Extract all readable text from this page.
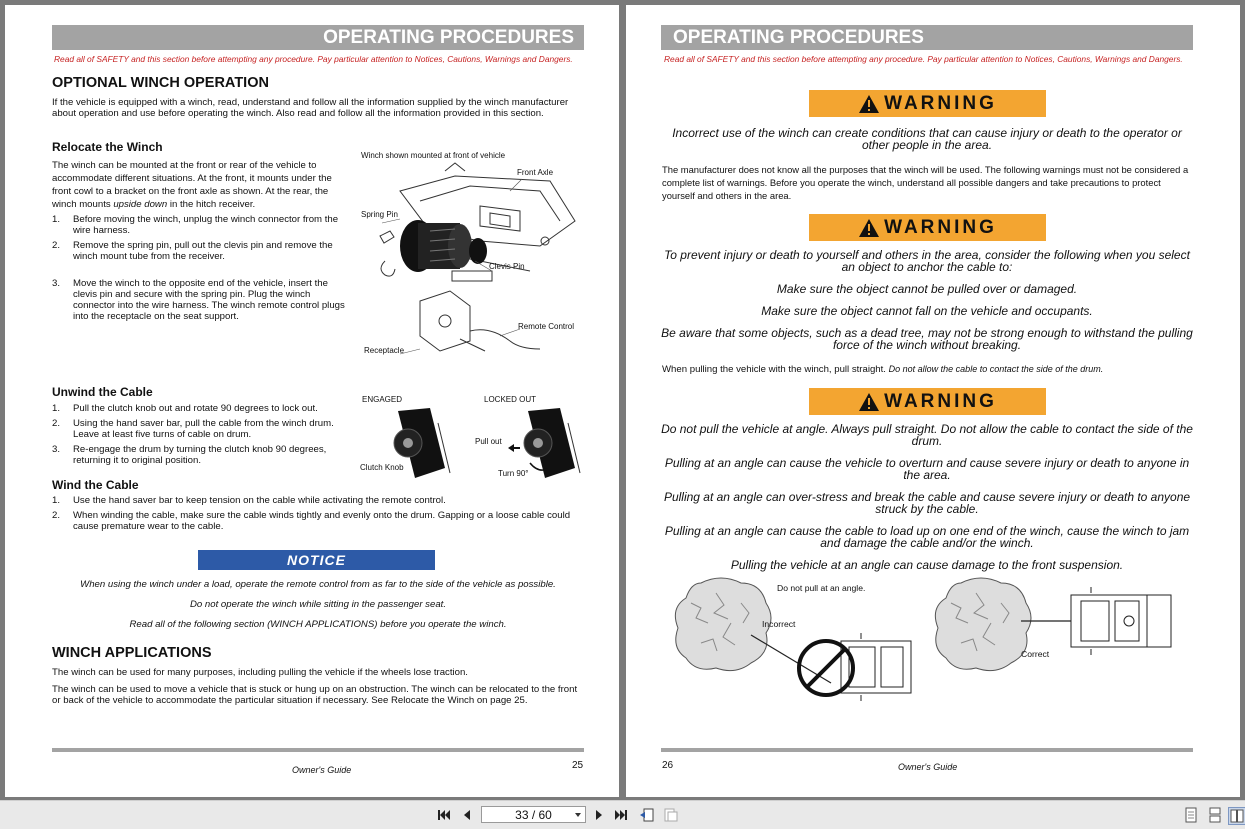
OPERATING PROCEDURES
Read all of SAFETY and this section before attempting any procedure. Pay particular attention to Notices, Cautions, Warnings and Dangers.
OPTIONAL WINCH OPERATION

If the vehicle is equipped with a winch, read, understand and follow all the information supplied by the winch manufacturer about operation and use before operating the winch. Also read and follow all the information provided in this section.

Relocate the Winch

The winch can be mounted at the front or rear of the vehicle to accommodate different situations. At the front, it mounts under the front cowl to a bracket on the front axle as shown. At the rear, the winch mounts upside down in the hitch receiver.

1. Before moving the winch, unplug the winch connector from the wire harness.
2. Remove the spring pin, pull out the clevis pin and remove the winch mount tube from the receiver.
3. Move the winch to the opposite end of the vehicle, insert the clevis pin and secure with the spring pin. Plug the winch connector into the wire harness. The winch remote control plugs into the receptacle on the seat support.
Winch shown mounted at front of vehicle
Front Axle
Spring Pin
Clevis Pin
Remote Control
Receptacle
Unwind the Cable
1. Pull the clutch knob out and rotate 90 degrees to lock out.
2. Using the hand saver bar, pull the cable from the winch drum. Leave at least five turns of cable on drum.
3. Re-engage the drum by turning the clutch knob 90 degrees, returning it to original position.
ENGAGED	LOCKED OUT
Pull out
Clutch Knob
Turn 90°
Wind the Cable
1. Use the hand saver bar to keep tension on the cable while activating the remote control.
2. When winding the cable, make sure the cable winds tightly and evenly onto the drum. Gapping or a loose cable could cause premature wear to the cable.
NOTICE
When using the winch under a load, operate the remote control from as far to the side of the vehicle as possible.
Do not operate the winch while sitting in the passenger seat.
Read all of the following section (WINCH APPLICATIONS) before you operate the winch.
WINCH APPLICATIONS

The winch can be used for many purposes, including pulling the vehicle if the wheels lose traction.

The winch can be used to move a vehicle that is stuck or hung up on an obstruction. The winch can be relocated to the front or back of the vehicle to accommodate the particular situation if necessary. See Relocate the Winch on page 25.

Owner's Guide	25
OPERATING PROCEDURES
Read all of SAFETY and this section before attempting any procedure. Pay particular attention to Notices, Cautions, Warnings and Dangers.
WARNING
Incorrect use of the winch can create conditions that can cause injury or death to the operator or other people in the area.

The manufacturer does not know all the purposes that the winch will be used. The following warnings must not be considered a complete list of warnings. Before you operate the winch, understand all possible dangers and take precautions to protect yourself and others in the area.

WARNING
To prevent injury or death to yourself and others in the area, consider the following when you select an object to anchor the cable to:
Make sure the object cannot be pulled over or damaged.
Make sure the object cannot fall on the vehicle and occupants.
Be aware that some objects, such as a dead tree, may not be strong enough to withstand the pulling force of the winch without breaking.

When pulling the vehicle with the winch, pull straight. Do not allow the cable to contact the side of the drum.

WARNING
Do not pull the vehicle at angle. Always pull straight. Do not allow the cable to contact the side of the drum.
Pulling at an angle can cause the vehicle to overturn and cause severe injury or death to anyone in the area.
Pulling at an angle can over-stress and break the cable and cause severe injury or death to anyone struck by the cable.
Pulling at an angle can cause the cable to load up on one end of the winch, cause the winch to jam and damage the cable and/or the winch.
Pulling the vehicle at an angle can cause damage to the front suspension.
Do not pull at an angle.
Incorrect
Correct
26	Owner's Guide
33 / 60
